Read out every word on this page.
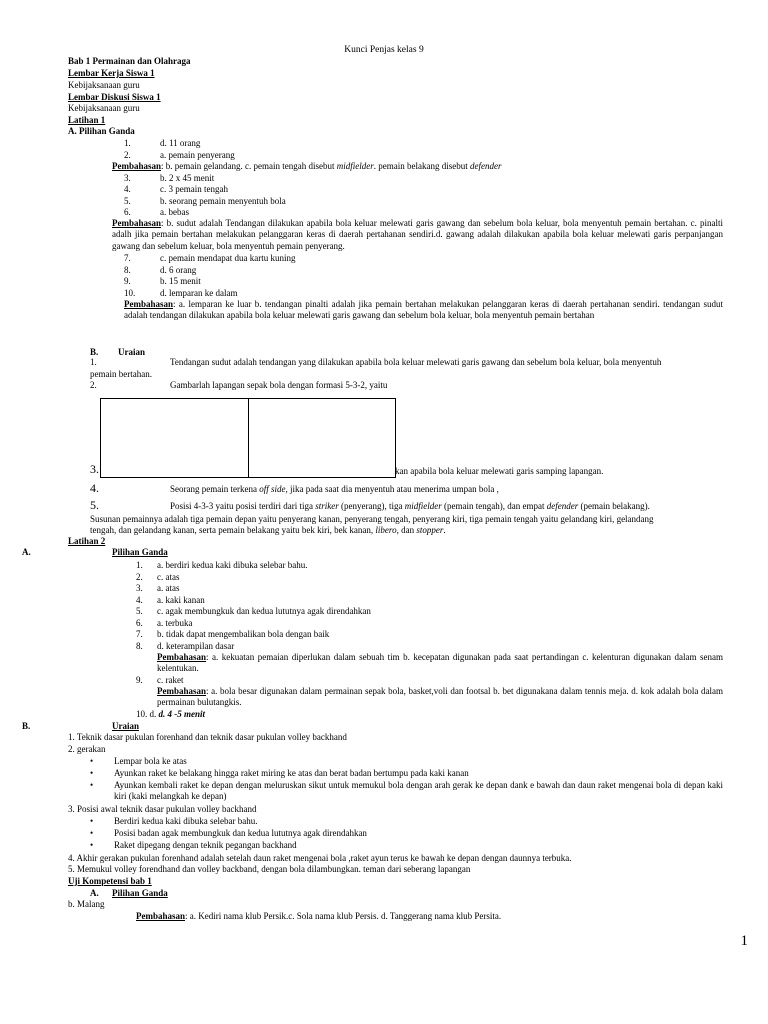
Kunci Penjas kelas 9
Bab 1 Permainan dan Olahraga
Lembar Kerja Siswa 1
Kebijaksanaan guru
Lembar Diskusi Siswa 1
Kebijaksanaan guru
Latihan 1
A. Pilihan Ganda
1.	d. 11 orang
2.	a. pemain penyerang
Pembahasan: b. pemain gelandang. c. pemain tengah disebut midfielder. pemain belakang disebut defender
3.	b. 2 x 45 menit
4.	c. 3 pemain tengah
5.	b. seorang pemain menyentuh bola
6.	a. bebas
Pembahasan: b. sudut adalah Tendangan dilakukan apabila bola keluar melewati garis gawang dan sebelum bola keluar, bola menyentuh pemain bertahan. c. pinalti adalh jika pemain bertahan melakukan pelanggaran keras di daerah pertahanan sendiri.d. gawang adalah dilakukan apabila bola keluar melewati garis perpanjangan gawang dan sebelum keluar, bola menyentuh pemain penyerang.
7.	c. pemain mendapat dua kartu kuning
8.	d. 6 orang
9.	b. 15 menit
10.	d. lemparan ke dalam
Pembahasan: a. lemparan ke luar b. tendangan pinalti adalah jika pemain bertahan melakukan pelanggaran keras di daerah pertahanan sendiri. tendangan sudut adalah tendangan dilakukan apabila bola keluar melewati garis gawang dan sebelum bola keluar, bola menyentuh pemain bertahan
B. Uraian
1.	Tendangan sudut adalah tendangan yang dilakukan apabila bola keluar melewati garis gawang dan sebelum bola keluar, bola menyentuh
pemain bertahan.
2.	Gambarlah lapangan sepak bola dengan formasi 5-3-2, yaitu
3.	kan apabila bola keluar melewati garis samping lapangan.
4.	Seorang pemain terkena off side, jika pada saat dia menyentuh atau menerima umpan bola ,
5.	Posisi 4-3-3 yaitu posisi terdiri dari tiga striker (penyerang), tiga midfielder (pemain tengah), dan empat defender (pemain belakang).
Susunan pemainnya adalah tiga pemain depan yaitu penyerang kanan, penyerang tengah, penyerang kiri, tiga pemain tengah yaitu gelandang kiri, gelandang
tengah, dan gelandang kanan, serta pemain belakang yaitu bek kiri, bek kanan, libero, dan stopper.
Latihan 2
A.	Pilihan Ganda
1. a. berdiri kedua kaki dibuka selebar bahu.
2. c. atas
3. a. atas
4. a. kaki kanan
5. c. agak membungkuk dan kedua lututnya agak direndahkan
6. a. terbuka
7. b. tidak dapat mengembalikan bola dengan baik
8. d. keterampilan dasar
Pembahasan: a. kekuatan pemaian diperlukan dalam sebuah tim b. kecepatan digunakan pada saat pertandingan c. kelenturan digunakan dalam senam kelentukan.
9. c. raket
Pembahasan: a. bola besar digunakan dalam permainan sepak bola, basket,voli dan footsal b. bet digunakana dalam tennis meja. d. kok adalah bola dalam permainan bulutangkis.
10. d. d. 4 -5 menit
B.	Uraian
1. Teknik dasar pukulan forenhand dan teknik dasar pukulan volley backhand
2. gerakan
• Lempar bola ke atas
• Ayunkan raket ke belakang hingga raket miring ke atas dan berat badan bertumpu pada kaki kanan
•	Ayunkan kembali raket ke depan dengan meluruskan sikut untuk memukul bola dengan arah gerak ke depan dank e bawah dan daun raket mengenai bola di depan kaki kiri (kaki melangkah ke depan)
3. Posisi awal teknik dasar pukulan volley backhand
• Berdiri kedua kaki dibuka selebar bahu.
• Posisi badan agak membungkuk dan kedua lututnya agak direndahkan
• Raket dipegang dengan teknik pegangan backhand
4. Akhir gerakan pukulan forenhand adalah setelah daun raket mengenai bola ,raket ayun terus ke bawah ke depan dengan daunnya terbuka.
5. Memukul volley forendhand dan volley backband, dengan bola dilambungkan. teman dari seberang lapangan
Uji Kompetensi bab 1
A. Pilihan Ganda
b. Malang
Pembahasan: a. Kediri nama klub Persik.c. Sola nama klub Persis. d. Tanggerang nama klub Persita.
1
